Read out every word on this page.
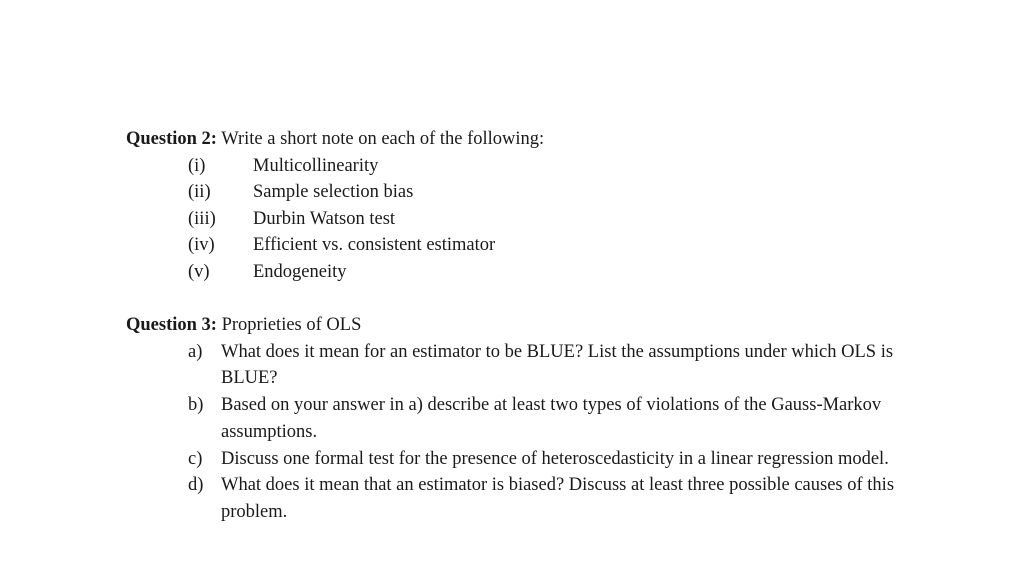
Question 2: Write a short note on each of the following:

(i)	Multicollinearity
(ii) Sample selection bias
(iii) Durbin Watson test
(iv) Efficient vs. consistent estimator
(v) Endogeneity

Question 3: Proprieties of OLS

a) What does it mean for an estimator to be BLUE? List the assumptions under which OLS is BLUE?
b) Based on your answer in a) describe at least two types of violations of the Gauss-Markov assumptions.
c) Discuss one formal test for the presence of heteroscedasticity in a linear regression model.
d) What does it mean that an estimator is biased? Discuss at least three possible causes of this problem.
